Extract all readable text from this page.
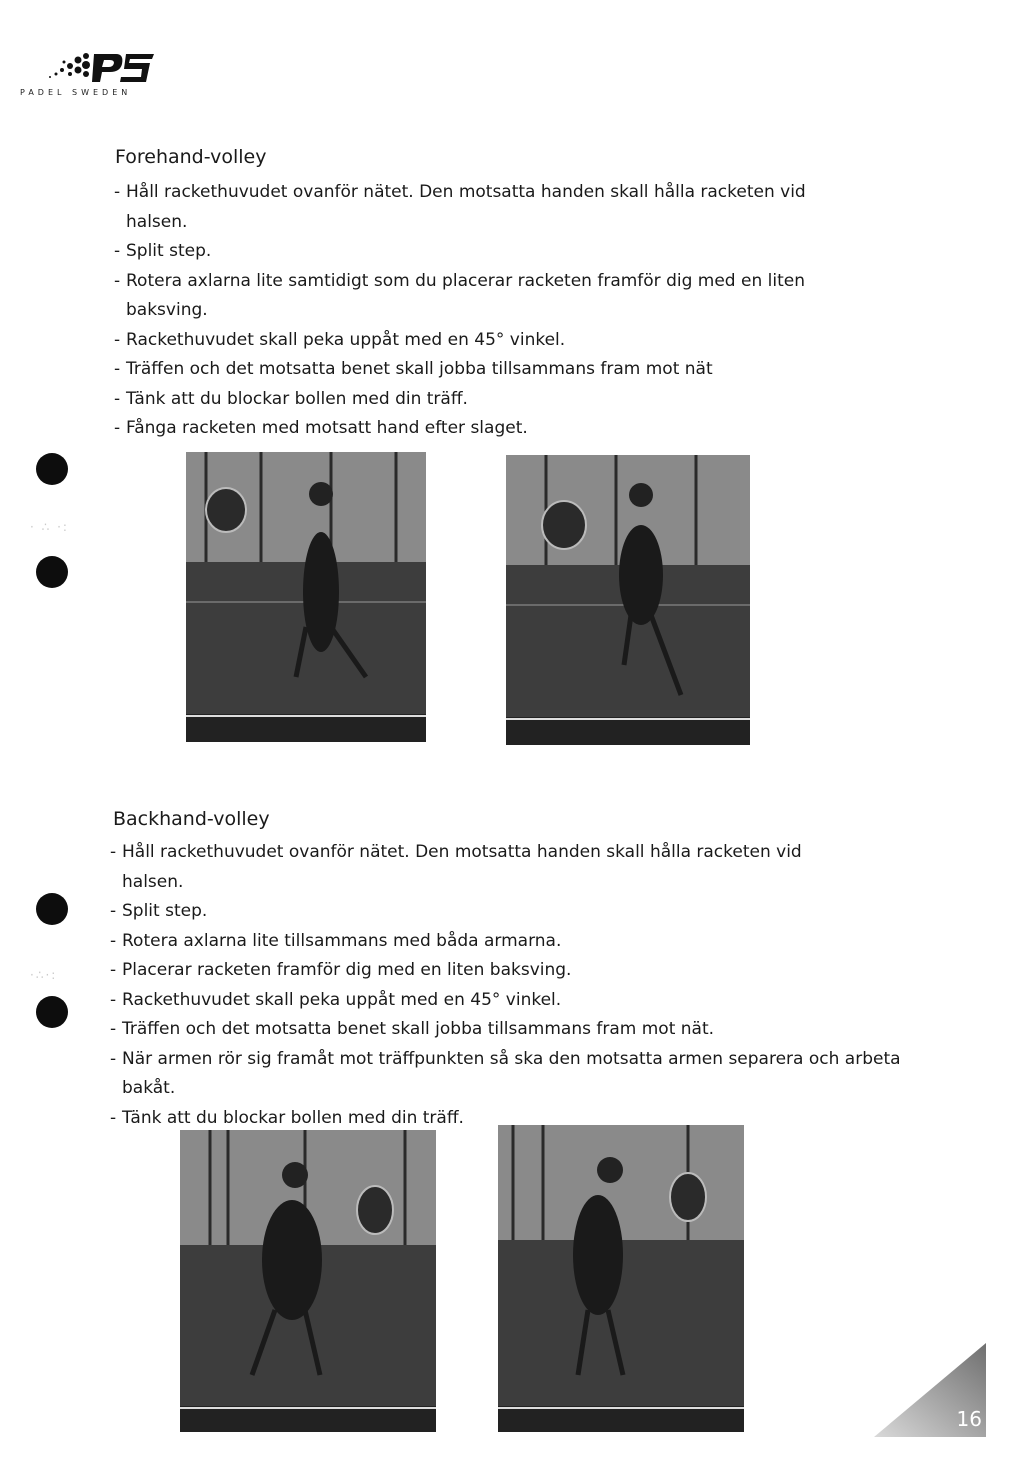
PADEL SWEDEN
Forehand-volley
- Håll rackethuvudet ovanför nätet. Den motsatta handen skall hålla racketen vid halsen.
- Split step.
- Rotera axlarna lite samtidigt som du placerar racketen framför dig med en liten baksving.
- Rackethuvudet skall peka uppåt med en 45° vinkel.
- Träffen och det motsatta benet skall jobba tillsammans fram mot nät
- Tänk att du blockar bollen med din träff.
- Fånga racketen med motsatt hand efter slaget.
· ∴ ·:
·∴·:
Backhand-volley
- Håll rackethuvudet ovanför nätet. Den motsatta handen skall hålla racketen vid halsen.
- Split step.
- Rotera axlarna lite tillsammans med båda armarna.
- Placerar racketen framför dig med en liten baksving.
- Rackethuvudet skall peka uppåt med en 45° vinkel.
- Träffen och det motsatta benet skall jobba tillsammans fram mot nät.
- När armen rör sig framåt mot träffpunkten så ska den motsatta armen separera och arbeta bakåt.
- Tänk att du blockar bollen med din träff.
16
